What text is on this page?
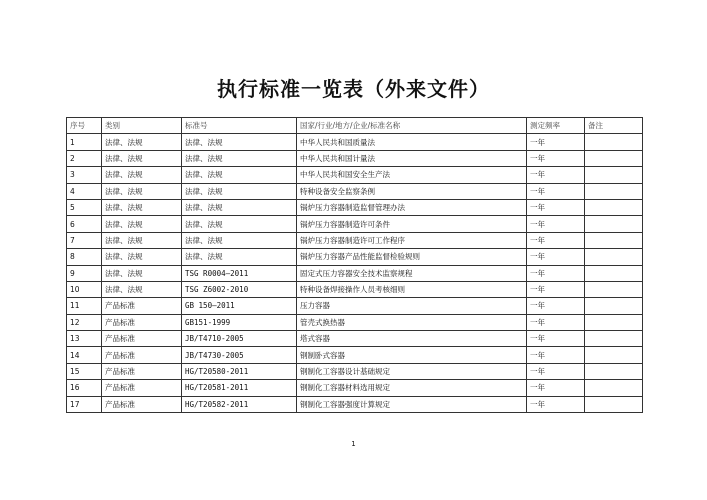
执行标准一览表（外来文件）
序号	类别	标准号	国家/行业/地方/企业/标准名称	测定频率	备注
1	法律、法规	法律、法规	中华人民共和国质量法	一年	
2	法律、法规	法律、法规	中华人民共和国计量法	一年	
3	法律、法规	法律、法规	中华人民共和国安全生产法	一年	
4	法律、法规	法律、法规	特种设备安全监察条例	一年	
5	法律、法规	法律、法规	锅炉压力容器制造监督管理办法	一年	
6	法律、法规	法律、法规	锅炉压力容器制造许可条件	一年	
7	法律、法规	法律、法规	锅炉压力容器制造许可工作程序	一年	
8	法律、法规	法律、法规	锅炉压力容器产品性能监督检验规则	一年	
9	法律、法规	TSG R0004—2011	固定式压力容器安全技术监察规程	一年	
10	法律、法规	TSG Z6002-2010	特种设备焊接操作人员考核细则	一年	
11	产品标准	GB 150—2011	压力容器	一年	
12	产品标准	GB151-1999	管壳式换热器	一年	
13	产品标准	JB/T4710-2005	塔式容器	一年	
14	产品标准	JB/T4730-2005	钢制卧式容器	一年	
15	产品标准	HG/T20580-2011	钢制化工容器设计基础规定	一年	
16	产品标准	HG/T20581-2011	钢制化工容器材料选用规定	一年	
17	产品标准	HG/T20582-2011	钢制化工容器强度计算规定	一年	
1
